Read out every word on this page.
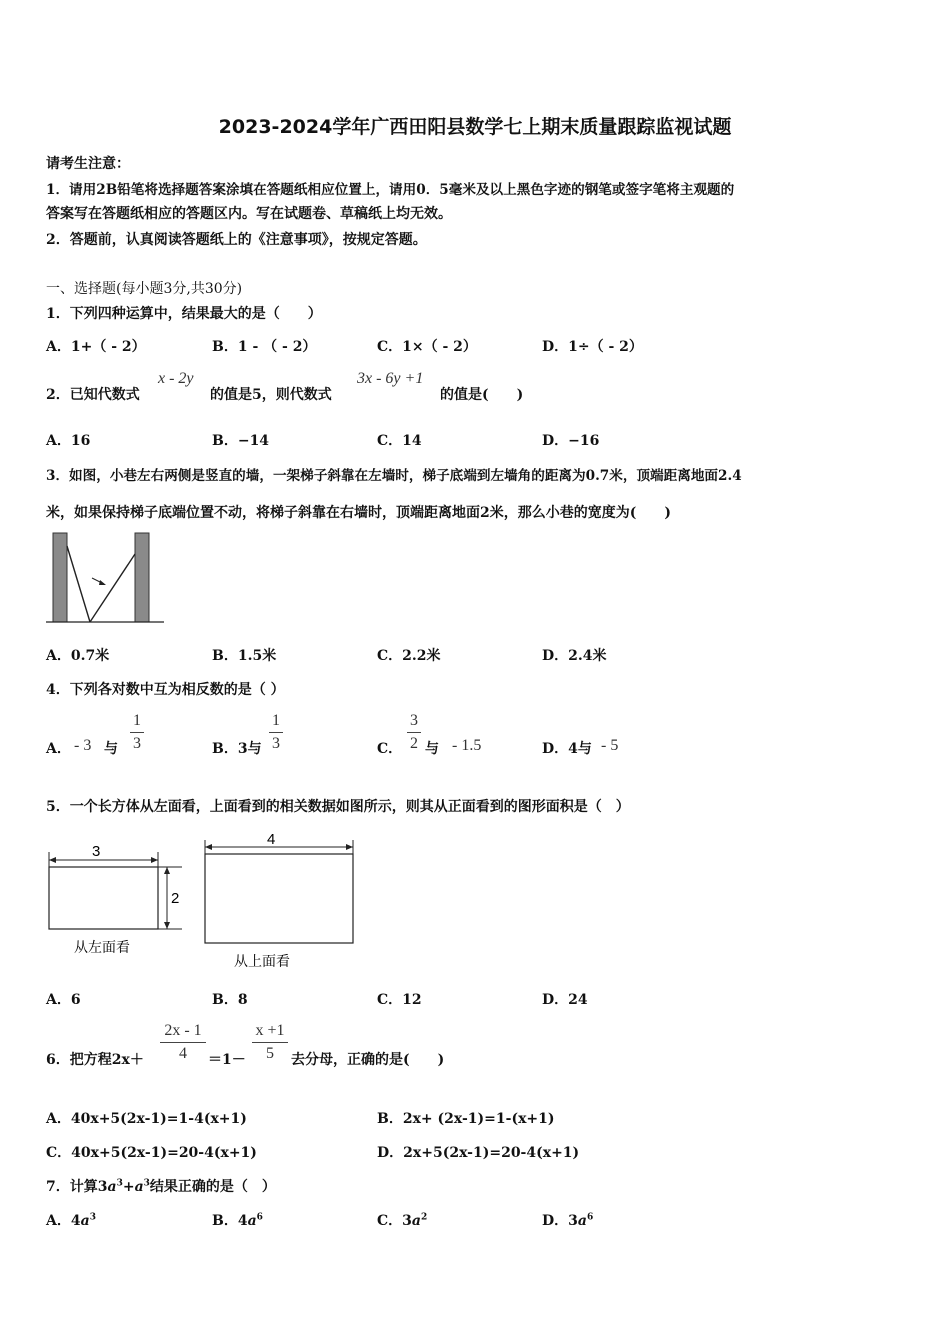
2023-2024学年广西田阳县数学七上期末质量跟踪监视试题
请考生注意：
1．请用2B铅笔将选择题答案涂填在答题纸相应位置上，请用0．5毫米及以上黑色字迹的钢笔或签字笔将主观题的
答案写在答题纸相应的答题区内。写在试题卷、草稿纸上均无效。
2．答题前，认真阅读答题纸上的《注意事项》，按规定答题。
一、选择题(每小题3分,共30分)
1．下列四种运算中，结果最大的是（　　）
A．1+（ - 2）	B．1 - （ - 2）	C．1×（ - 2）	D．1÷（ - 2）
2．已知代数式
x - 2y
的值是5，则代数式
3x - 6y +1
的值是(　　)
A．16	B．−14	C．14	D．−16
3．如图，小巷左右两侧是竖直的墙，一架梯子斜靠在左墙时，梯子底端到左墙角的距离为0.7米，顶端距离地面2.4
米，如果保持梯子底端位置不动，将梯子斜靠在右墙时，顶端距离地面2米，那么小巷的宽度为(　　)
A．0.7米	B．1.5米	C．2.2米	D．2.4米
4．下列各对数中互为相反数的是（ ）
A． - 3 与
1
3	B．3与
1
3	C．
3
2 与 - 1.5	D．4与 - 5
5．一个长方体从左面看，上面看到的相关数据如图所示，则其从正面看到的图形面积是（　）
3
2
从左面看
4
从上面看
A．6	B．8	C．12	D．24
6．把方程2x＋
2x - 1
4	＝1－
x +1
5	去分母，正确的是(　　)
A．40x+5(2x-1)=1-4(x+1)	B．2x+ (2x-1)=1-(x+1)
C．40x+5(2x-1)=20-4(x+1)	D．2x+5(2x-1)=20-4(x+1)
7．计算$3a^3+a^3$结果正确的是（　）
A．$4a^3$	B．$4a^6$	C．$3a^2$	D．$3a^6$
